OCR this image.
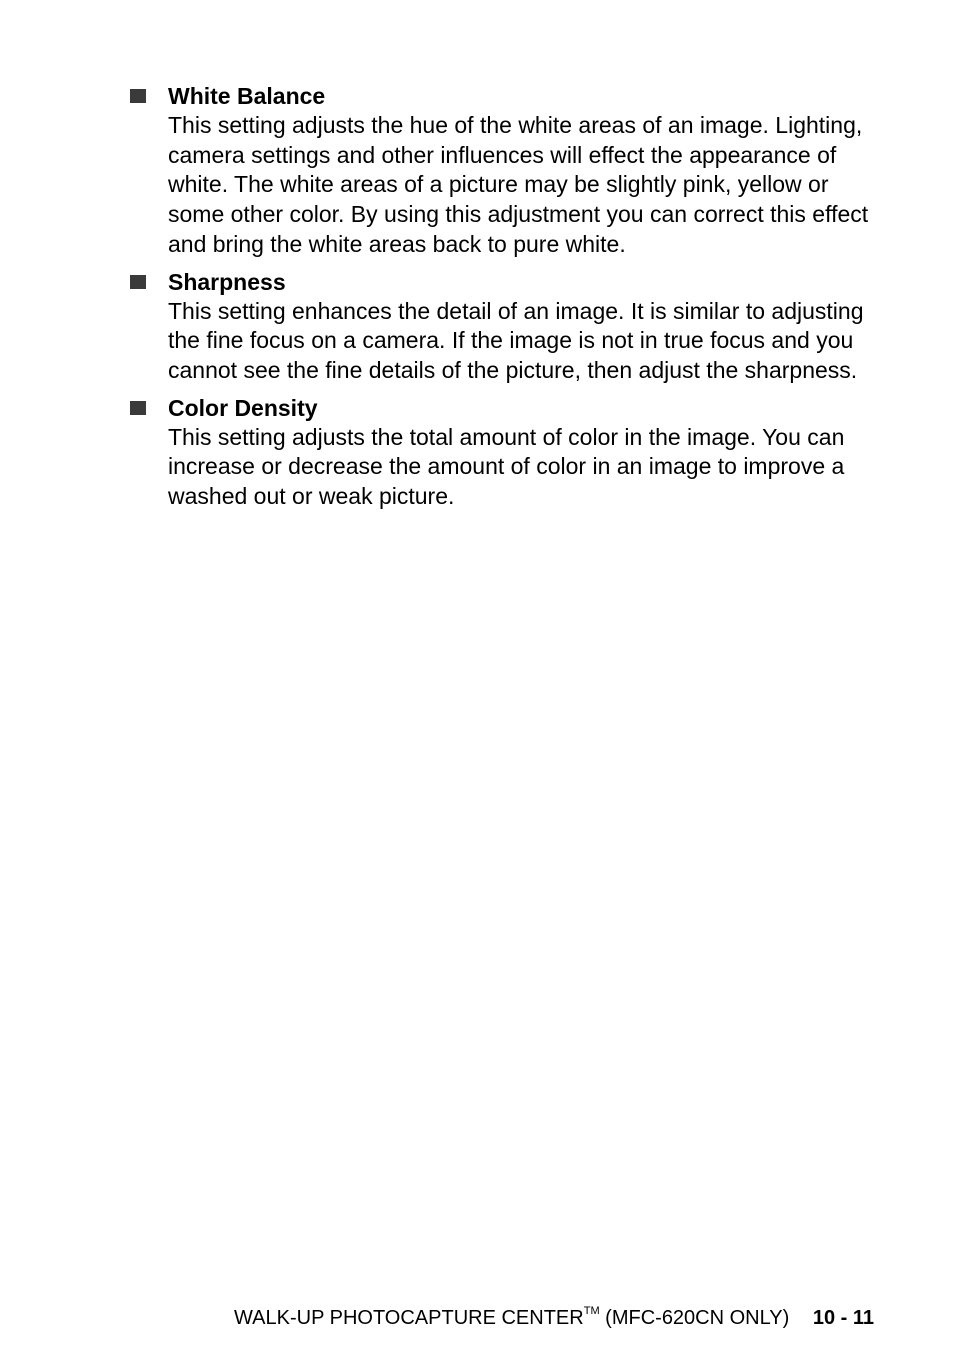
White Balance

This setting adjusts the hue of the white areas of an image. Lighting, camera settings and other influences will effect the appearance of white. The white areas of a picture may be slightly pink, yellow or some other color. By using this adjustment you can correct this effect and bring the white areas back to pure white.

Sharpness

This setting enhances the detail of an image. It is similar to adjusting the fine focus on a camera. If the image is not in true focus and you cannot see the fine details of the picture, then adjust the sharpness.

Color Density

This setting adjusts the total amount of color in the image. You can increase or decrease the amount of color in an image to improve a washed out or weak picture.

WALK-UP PHOTOCAPTURE CENTER™ (MFC-620CN ONLY) 10 - 11
